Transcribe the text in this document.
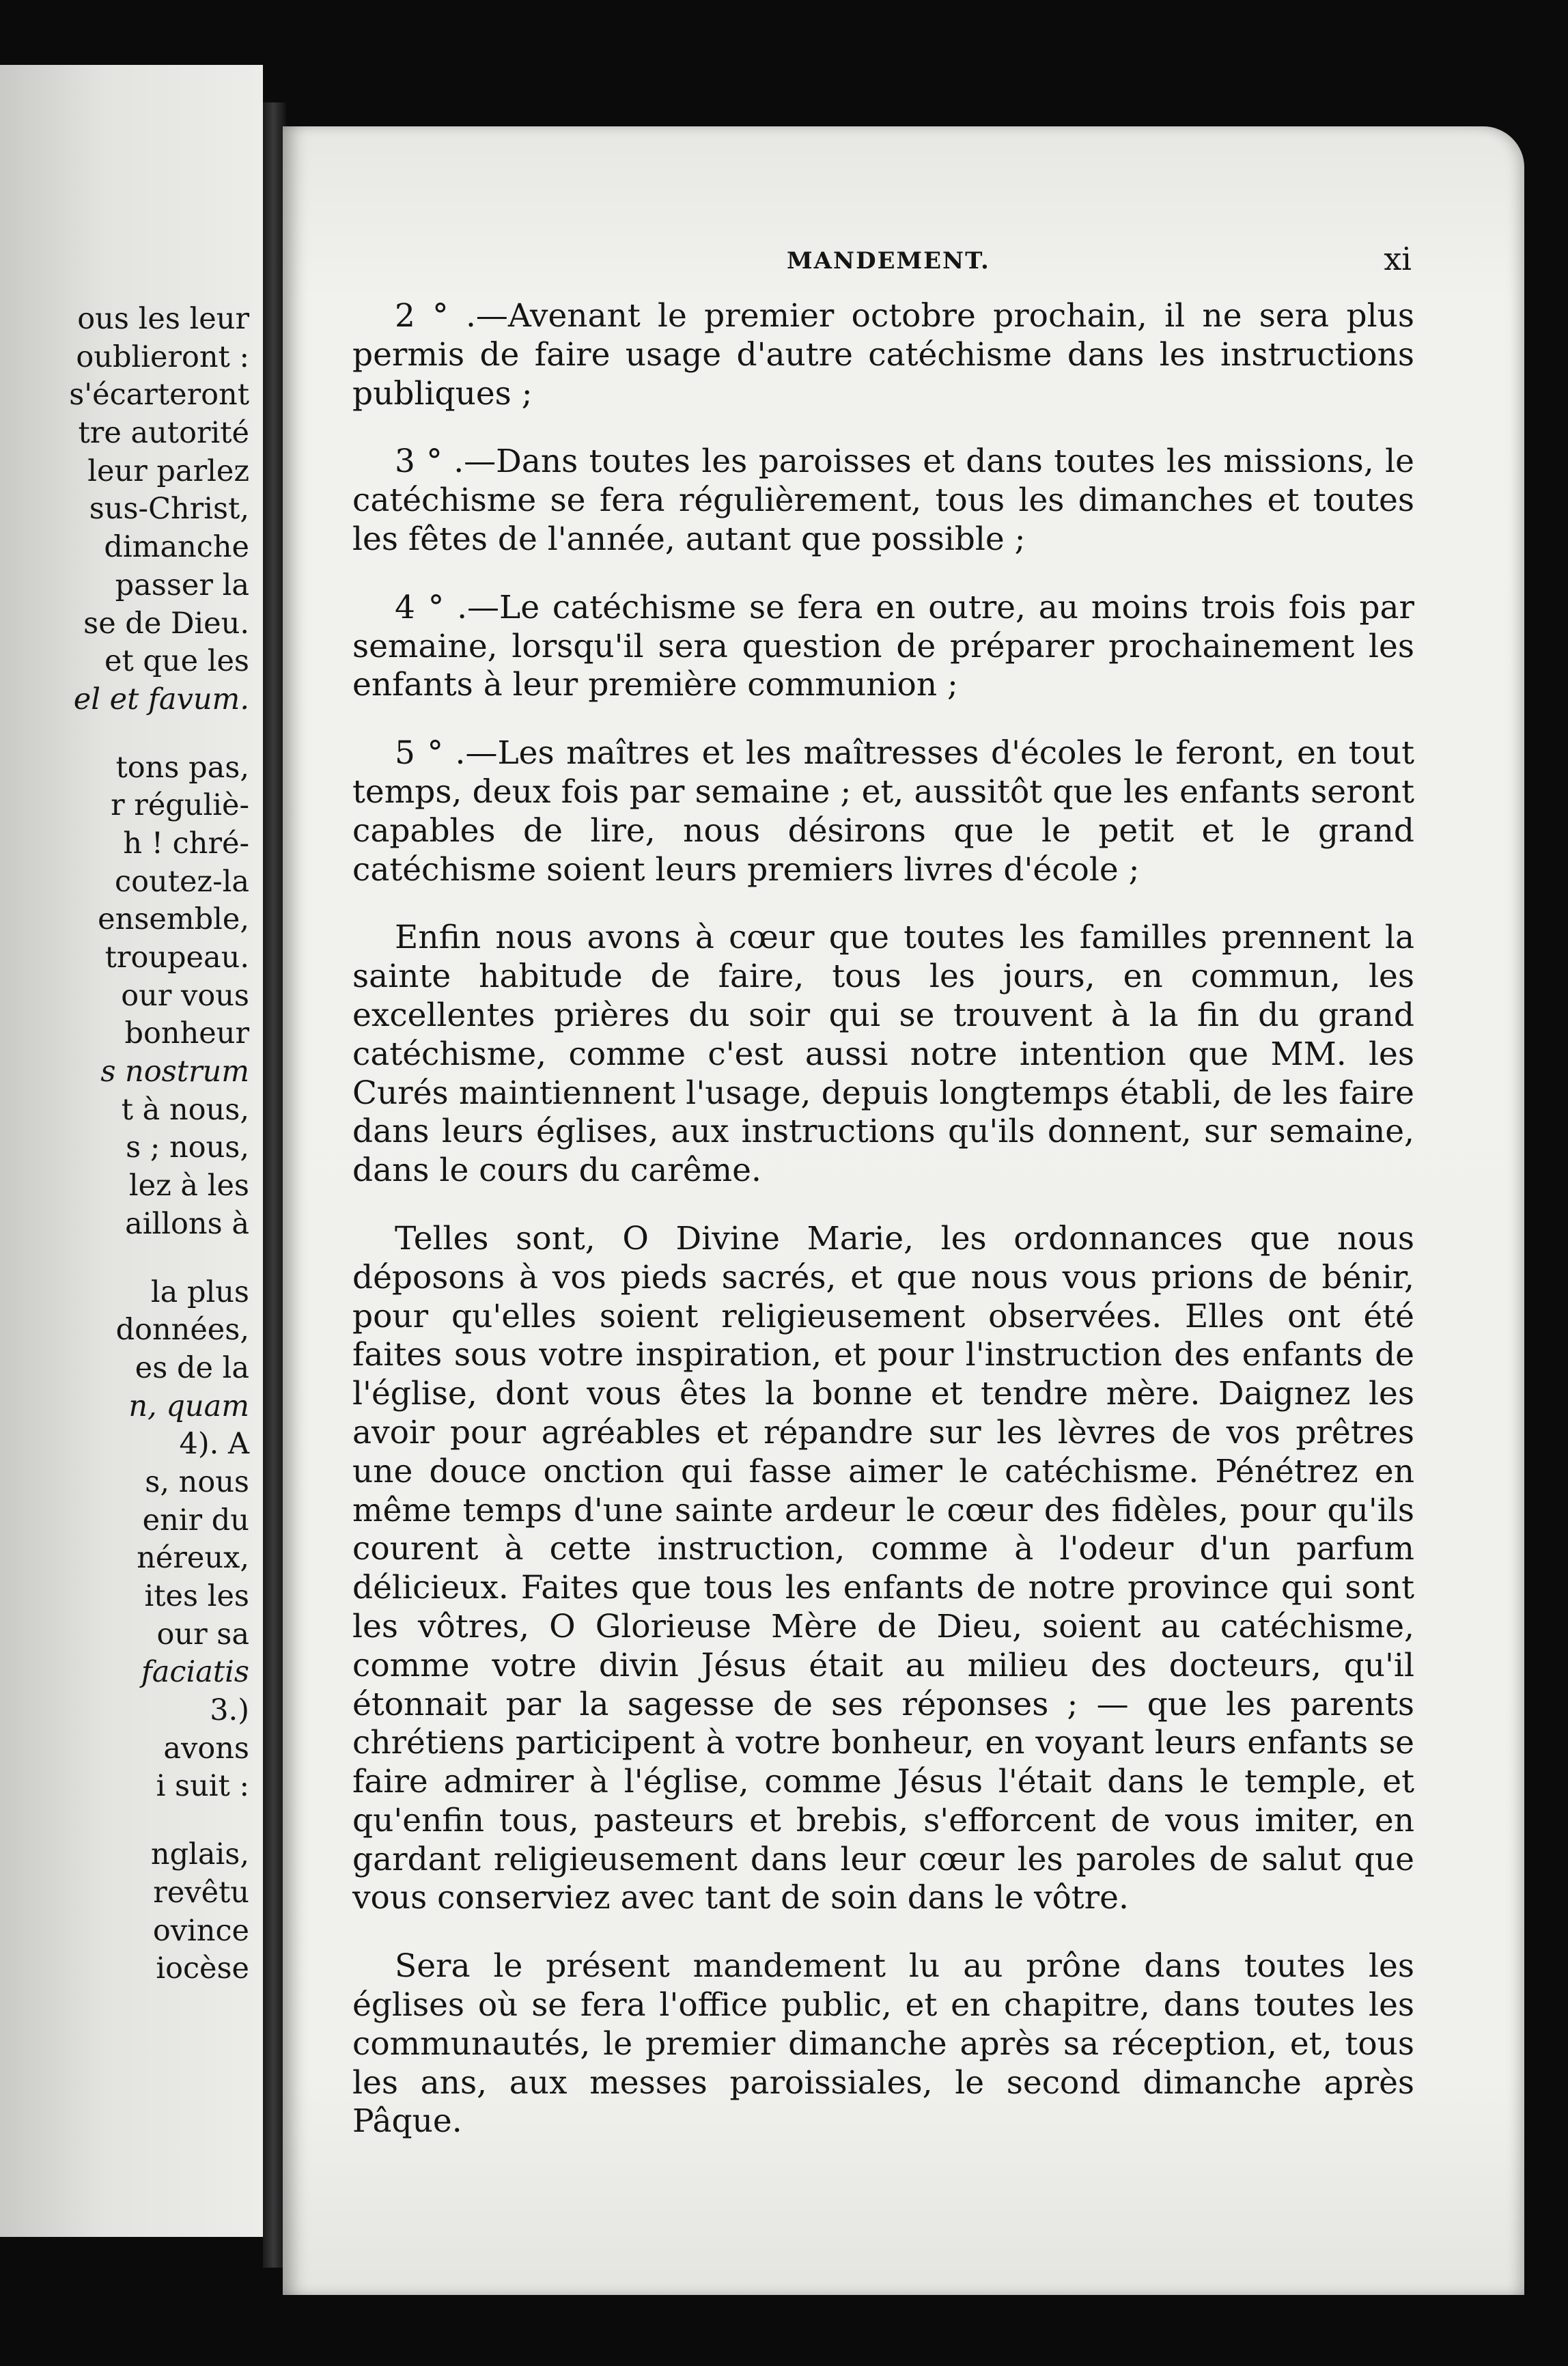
ous les leur
oublieront :
s'écarteront
tre autorité
leur parlez
sus-Christ,
dimanche
passer la
se de Dieu.
et que les
el et favum.
tons pas,
r réguliè-
h ! chré-
coutez-la
ensemble,
troupeau.
our vous
bonheur
s nostrum
t à nous,
s ; nous,
lez à les
aillons à
la plus
données,
es de la
n, quam
4). A
s, nous
enir du
néreux,
ites les
our sa
faciatis
3.)
avons
i suit :
nglais,
revêtu
ovince
iocèse
MANDEMENT.	xi

2 ° .—Avenant le premier octobre prochain, il ne sera plus permis de faire usage d'autre catéchisme dans les instructions publiques ;

3 ° .—Dans toutes les paroisses et dans toutes les missions, le catéchisme se fera régulièrement, tous les dimanches et toutes les fêtes de l'année, autant que possible ;

4 ° .—Le catéchisme se fera en outre, au moins trois fois par semaine, lorsqu'il sera question de préparer prochainement les enfants à leur première communion ;

5 ° .—Les maîtres et les maîtresses d'écoles le feront, en tout temps, deux fois par semaine ; et, aussitôt que les enfants seront capables de lire, nous désirons que le petit et le grand catéchisme soient leurs premiers livres d'école ;

Enfin nous avons à cœur que toutes les familles prennent la sainte habitude de faire, tous les jours, en commun, les excellentes prières du soir qui se trouvent à la fin du grand catéchisme, comme c'est aussi notre intention que MM. les Curés maintiennent l'usage, depuis longtemps établi, de les faire dans leurs églises, aux instructions qu'ils donnent, sur semaine, dans le cours du carême.

Telles sont, O Divine Marie, les ordonnances que nous déposons à vos pieds sacrés, et que nous vous prions de bénir, pour qu'elles soient religieusement observées. Elles ont été faites sous votre inspiration, et pour l'instruction des enfants de l'église, dont vous êtes la bonne et tendre mère. Daignez les avoir pour agréables et répandre sur les lèvres de vos prêtres une douce onction qui fasse aimer le catéchisme. Pénétrez en même temps d'une sainte ardeur le cœur des fidèles, pour qu'ils courent à cette instruction, comme à l'odeur d'un parfum délicieux. Faites que tous les enfants de notre province qui sont les vôtres, O Glorieuse Mère de Dieu, soient au catéchisme, comme votre divin Jésus était au milieu des docteurs, qu'il étonnait par la sagesse de ses réponses ; — que les parents chrétiens participent à votre bonheur, en voyant leurs enfants se faire admirer à l'église, comme Jésus l'était dans le temple, et qu'enfin tous, pasteurs et brebis, s'efforcent de vous imiter, en gardant religieusement dans leur cœur les paroles de salut que vous conserviez avec tant de soin dans le vôtre.

Sera le présent mandement lu au prône dans toutes les églises où se fera l'office public, et en chapitre, dans toutes les communautés, le premier dimanche après sa réception, et, tous les ans, aux messes paroissiales, le second dimanche après Pâque.
